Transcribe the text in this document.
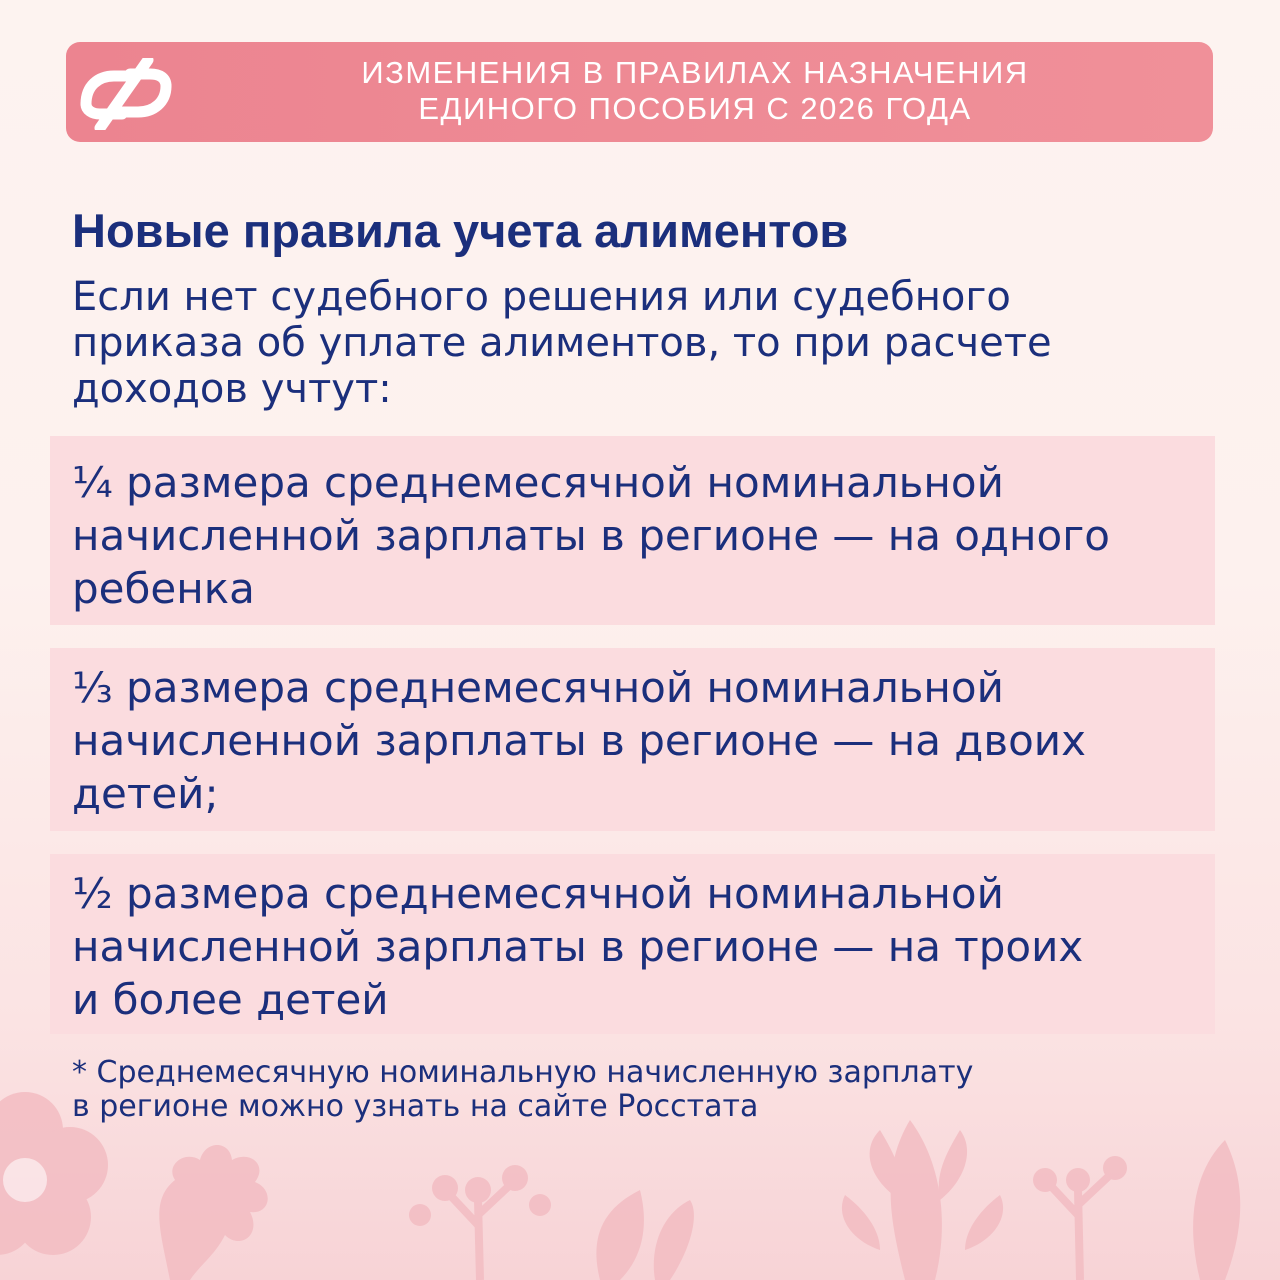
ИЗМЕНЕНИЯ В ПРАВИЛАХ НАЗНАЧЕНИЯ
ЕДИНОГО ПОСОБИЯ С 2026 ГОДА
Новые правила учета алиментов

Если нет судебного решения или судебного
приказа об уплате алиментов, то при расчете
доходов учтут:

¼ размера среднемесячной номинальной
начисленной зарплаты в регионе — на одного
ребенка

⅓ размера среднемесячной номинальной
начисленной зарплаты в регионе — на двоих
детей;

½ размера среднемесячной номинальной
начисленной зарплаты в регионе — на троих
и более детей

* Среднемесячную номинальную начисленную зарплату
в регионе можно узнать на сайте Росстата
